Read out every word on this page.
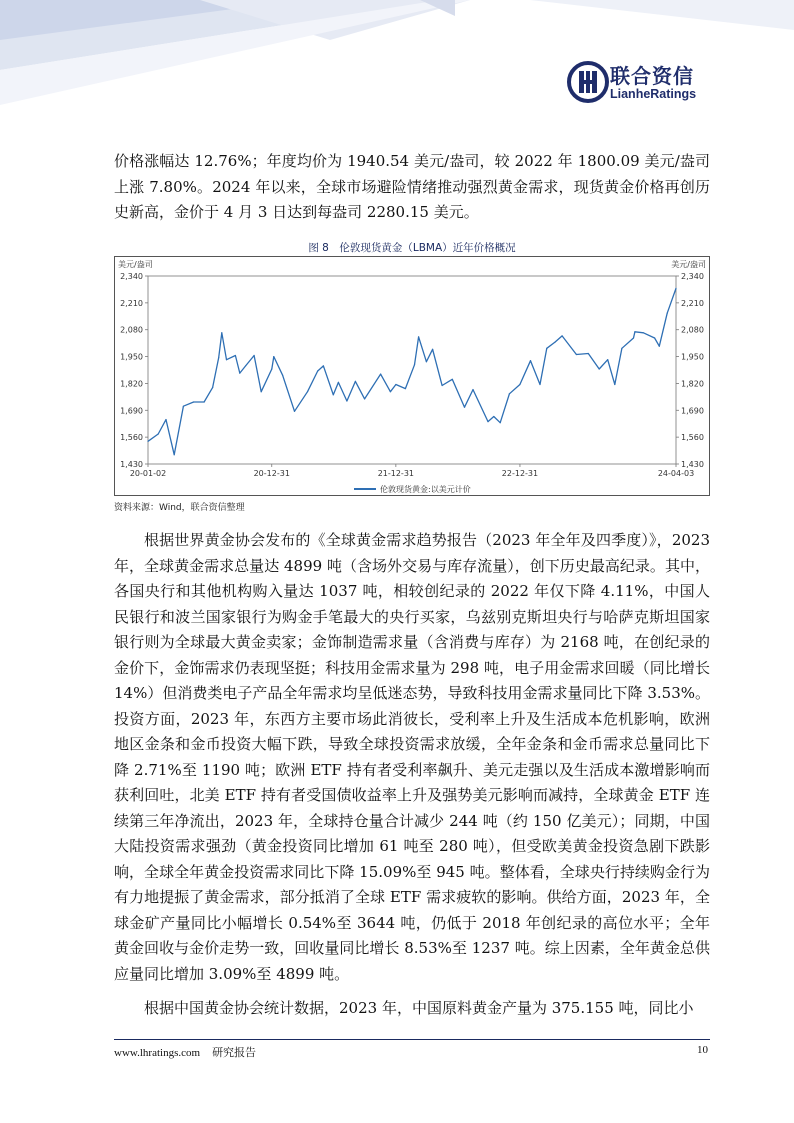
联合资信
LianheRatings

价格涨幅达 12.76%；年度均价为 1940.54 美元/盎司，较 2022 年 1800.09 美元/盎司上涨 7.80%。2024 年以来，全球市场避险情绪推动强烈黄金需求，现货黄金价格再创历史新高，金价于 4 月 3 日达到每盎司 2280.15 美元。

图 8　伦敦现货黄金（LBMA）近年价格概况
美元/盎司	美元/盎司
2,340
2,210
2,080
1,950
1,820
1,690
1,560
1,430
2,340
2,210
2,080
1,950
1,820
1,690
1,560
1,430
20-01-02	20-12-31	21-12-31	22-12-31	24-04-03
伦敦现货黄金:以美元计价
资料来源：Wind，联合资信整理

根据世界黄金协会发布的《全球黄金需求趋势报告（2023 年全年及四季度）》，2023 年，全球黄金需求总量达 4899 吨（含场外交易与库存流量），创下历史最高纪录。其中，各国央行和其他机构购入量达 1037 吨，相较创纪录的 2022 年仅下降 4.11%，中国人民银行和波兰国家银行为购金手笔最大的央行买家，乌兹别克斯坦央行与哈萨克斯坦国家银行则为全球最大黄金卖家；金饰制造需求量（含消费与库存）为 2168 吨，在创纪录的金价下，金饰需求仍表现坚挺；科技用金需求量为 298 吨，电子用金需求回暖（同比增长 14%）但消费类电子产品全年需求均呈低迷态势，导致科技用金需求量同比下降 3.53%。投资方面，2023 年，东西方主要市场此消彼长，受利率上升及生活成本危机影响，欧洲地区金条和金币投资大幅下跌，导致全球投资需求放缓，全年金条和金币需求总量同比下降 2.71%至 1190 吨；欧洲 ETF 持有者受利率飙升、美元走强以及生活成本激增影响而获利回吐，北美 ETF 持有者受国债收益率上升及强势美元影响而减持，全球黄金 ETF 连续第三年净流出，2023 年，全球持仓量合计减少 244 吨（约 150 亿美元）；同期，中国大陆投资需求强劲（黄金投资同比增加 61 吨至 280 吨），但受欧美黄金投资急剧下跌影响，全球全年黄金投资需求同比下降 15.09%至 945 吨。整体看，全球央行持续购金行为有力地提振了黄金需求，部分抵消了全球 ETF 需求疲软的影响。供给方面，2023 年，全球金矿产量同比小幅增长 0.54%至 3644 吨，仍低于 2018 年创纪录的高位水平；全年黄金回收与金价走势一致，回收量同比增长 8.53%至 1237 吨。综上因素，全年黄金总供应量同比增加 3.09%至 4899 吨。

根据中国黄金协会统计数据，2023 年，中国原料黄金产量为 375.155 吨，同比小

www.lhratings.com 研究报告	10
